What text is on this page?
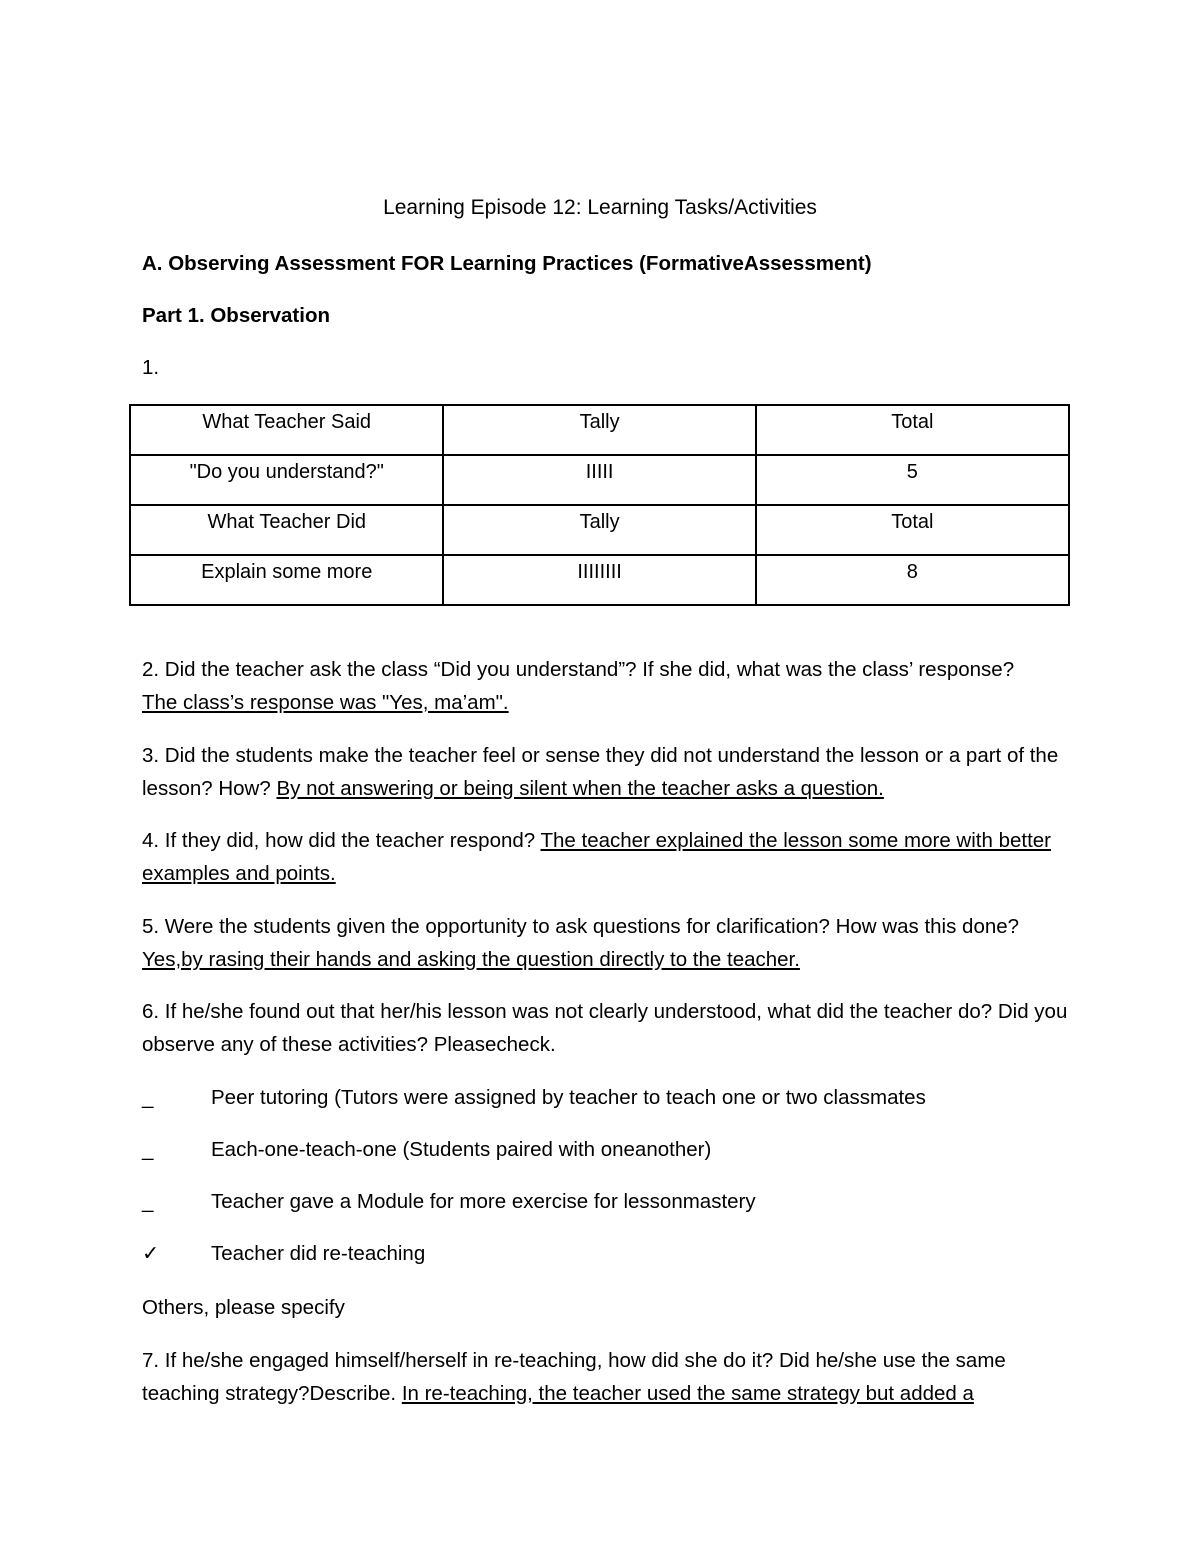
Learning Episode 12: Learning Tasks/Activities
A. Observing Assessment FOR Learning Practices (FormativeAssessment)
Part 1. Observation
1.
What Teacher Said	Tally	Total
"Do you understand?"	IIIII	5
What Teacher Did	Tally	Total
Explain some more	IIIIIIII	8
2. Did the teacher ask the class “Did you understand”? If she did, what was the class’ response?
The class’s response was "Yes, ma’am".
3. Did the students make the teacher feel or sense they did not understand the lesson or a part of the lesson? How? By not answering or being silent when the teacher asks a question.
4. If they did, how did the teacher respond? The teacher explained the lesson some more with better examples and points.
5. Were the students given the opportunity to ask questions for clarification? How was this done? Yes,by rasing their hands and asking the question directly to the teacher.
6. If he/she found out that her/his lesson was not clearly understood, what did the teacher do? Did you observe any of these activities? Pleasecheck.
_	Peer tutoring (Tutors were assigned by teacher to teach one or two classmates
_	Each-one-teach-one (Students paired with oneanother)
_	Teacher gave a Module for more exercise for lessonmastery
✓	Teacher did re-teaching
Others, please specify
7. If he/she engaged himself/herself in re-teaching, how did she do it? Did he/she use the same teaching strategy?Describe. In re-teaching, the teacher used the same strategy but added a
